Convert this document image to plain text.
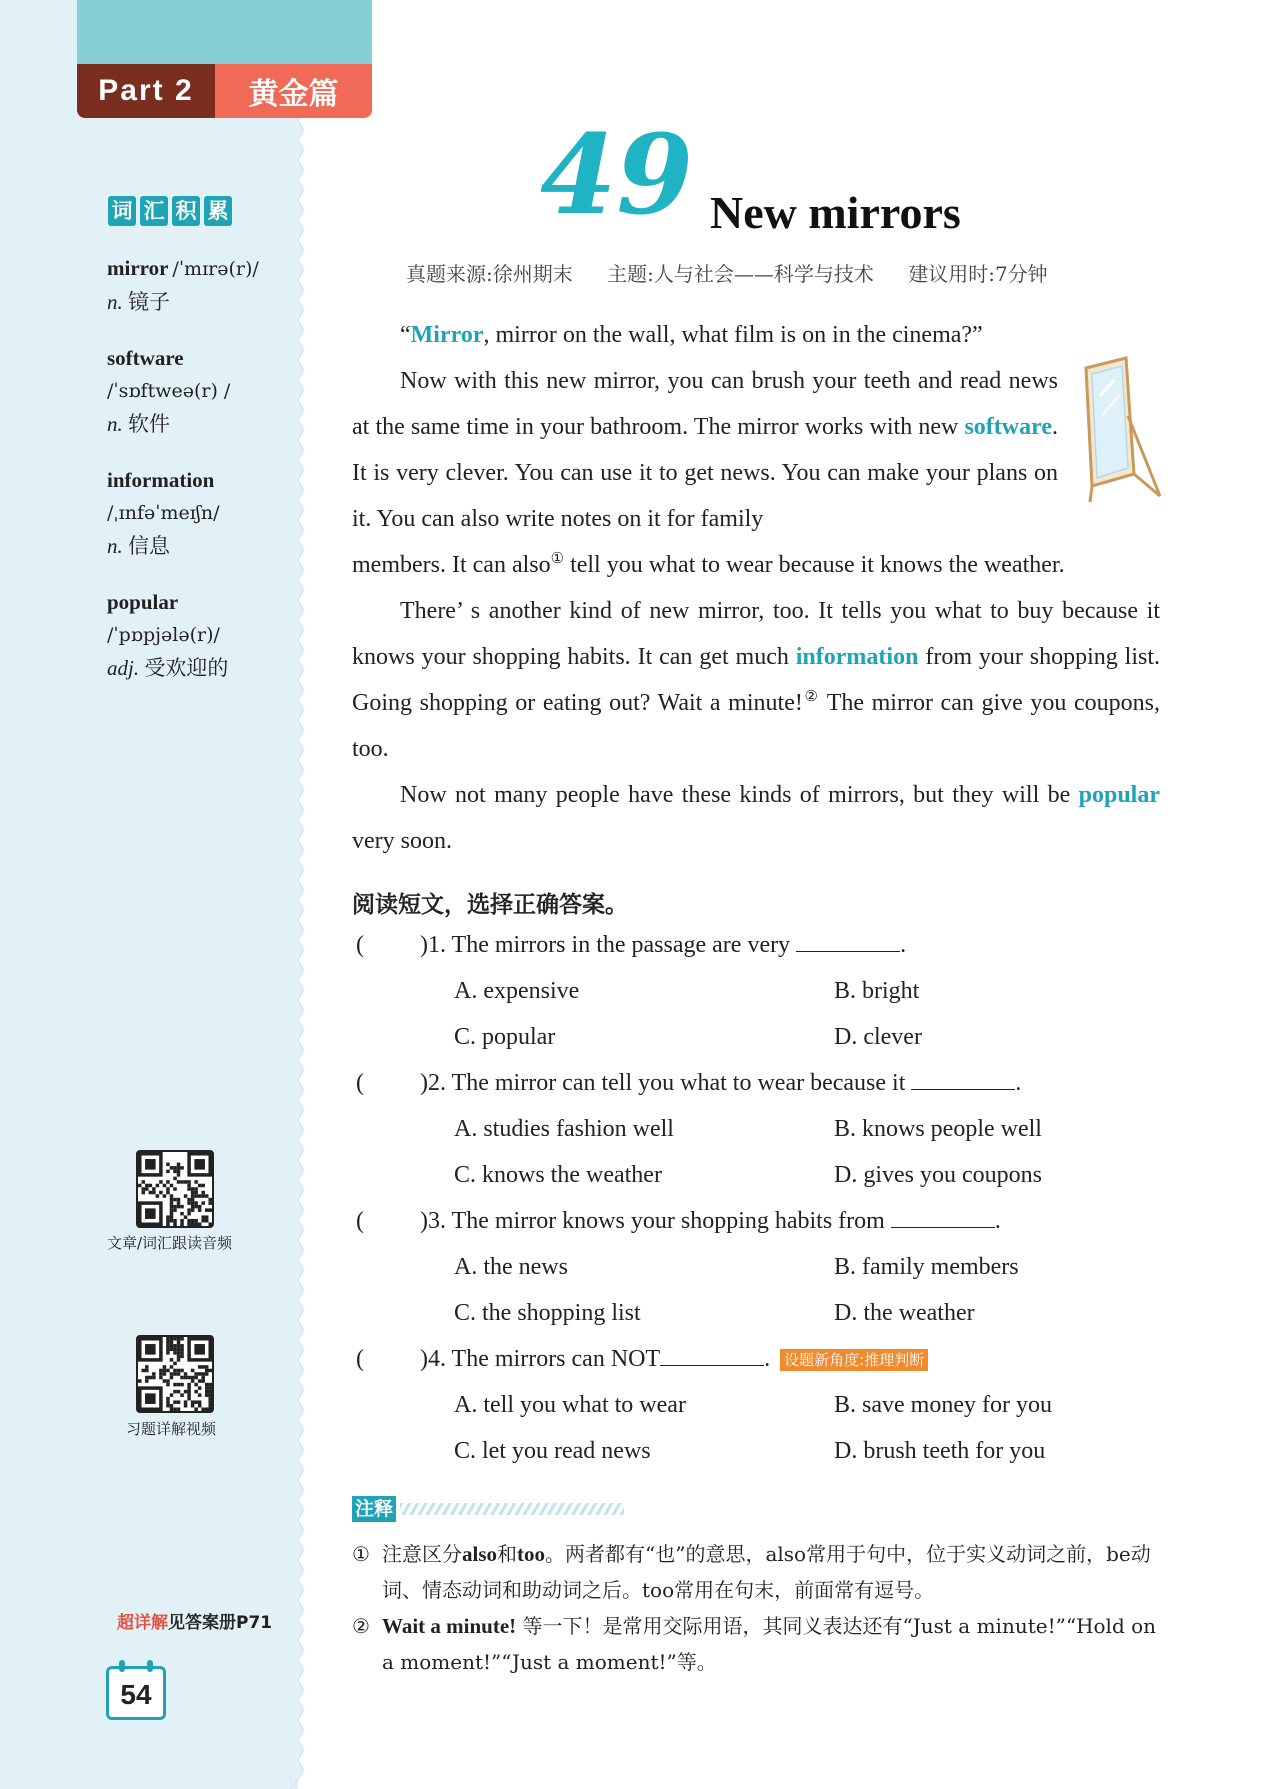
Part 2	黄金篇
词 汇 积 累
mirror /ˈmɪrə(r)/
n. 镜子
software
/ˈsɒftweə(r) /
n. 软件
information
/ˌɪnfəˈmeɪʃn/
n. 信息
popular
/ˈpɒpjələ(r)/
adj. 受欢迎的
文章/词汇跟读音频
习题详解视频
超详解见答案册P71
54
49 New mirrors
真题来源:徐州期末 主题:人与社会——科学与技术 建议用时:7分钟

“Mirror, mirror on the wall, what film is on in the cinema?”

Now with this new mirror, you can brush your teeth and read news at the same time in your bathroom. The mirror works with new software. It is very clever. You can use it to get news. You can make your plans on it. You can also write notes on it for family

members. It can also① tell you what to wear because it knows the weather.

There’ s another kind of new mirror, too. It tells you what to buy because it knows your shopping habits. It can get much information from your shopping list. Going shopping or eating out? Wait a minute!② The mirror can give you coupons, too.

Now not many people have these kinds of mirrors, but they will be popular very soon.

阅读短文，选择正确答案。
( )1. The mirrors in the passage are very	.
A. expensive	B. bright
C. popular	D. clever
( )2. The mirror can tell you what to wear because it	.
A. studies fashion well	B. knows people well
C. knows the weather	D. gives you coupons
( )3. The mirror knows your shopping habits from	.
A. the news	B. family members
C. the shopping list	D. the weather
( )4. The mirrors can NOT	. 设题新角度:推理判断
A. tell you what to wear	B. save money for you
C. let you read news	D. brush teeth for you
注释
① 注意区分also和too。两者都有“也”的意思，also常用于句中，位于实义动词之前，be动词、情态动词和助动词之后。too常用在句末，前面常有逗号。
② Wait a minute! 等一下！是常用交际用语，其同义表达还有“Just a minute!”“Hold on a moment!”“Just a moment!”等。
